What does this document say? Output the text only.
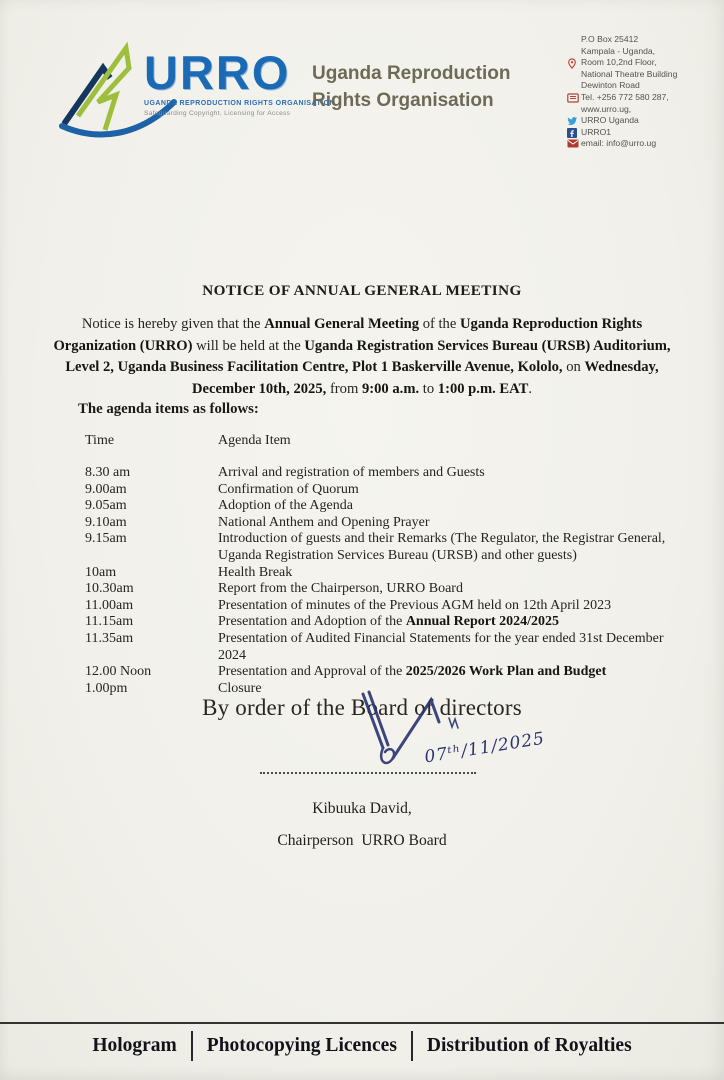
URRO
UGANDA REPRODUCTION RIGHTS ORGANISATION
Safeguarding Copyright, Licensing for Access
Uganda Reproduction
Rights Organisation
P.O Box 25412
Kampala - Uganda,
Room 10,2nd Floor,
National Theatre Building
Dewinton Road
Tel. +256 772 580 287,
www.urro.ug,
URRO Uganda
URRO1
email: info@urro.ug
NOTICE OF ANNUAL GENERAL MEETING
Notice is hereby given that the Annual General Meeting of the Uganda Reproduction Rights Organization (URRO) will be held at the Uganda Registration Services Bureau (URSB) Auditorium, Level 2, Uganda Business Facilitation Centre, Plot 1 Baskerville Avenue, Kololo, on Wednesday, December 10th, 2025, from 9:00 a.m. to 1:00 p.m. EAT.
The agenda items as follows:
Time	Agenda Item
8.30 am	Arrival and registration of members and Guests
9.00am	Confirmation of Quorum
9.05am	Adoption of the Agenda
9.10am	National Anthem and Opening Prayer
9.15am	Introduction of guests and their Remarks (The Regulator, the Registrar General, Uganda Registration Services Bureau (URSB) and other guests)
10am	Health Break
10.30am	Report from the Chairperson, URRO Board
11.00am	Presentation of minutes of the Previous AGM held on 12th April 2023
11.15am	Presentation and Adoption of the Annual Report 2024/2025
11.35am	Presentation of Audited Financial Statements for the year ended 31st December 2024
12.00 Noon	Presentation and Approval of the 2025/2026 Work Plan and Budget
1.00pm	Closure
By order of the Board of directors
07ᵗʰ/11/2025
Kibuuka David,
Chairperson  URRO Board
Hologram Photocopying Licences Distribution of Royalties
